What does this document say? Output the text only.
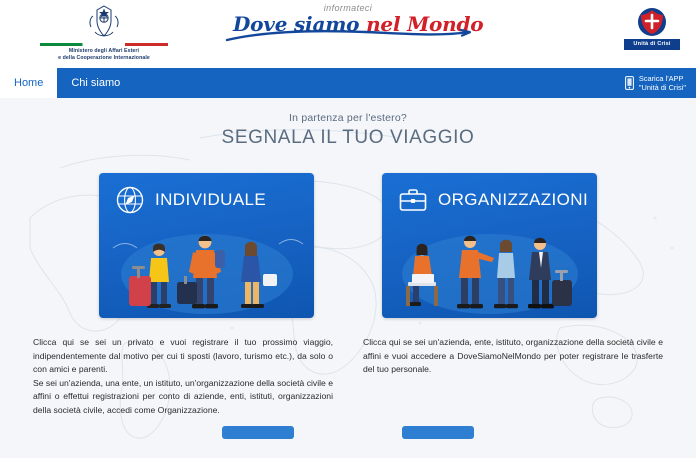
Ministero degli Affari Esteri
e della Cooperazione Internazionale
informateci
Dove siamo nel Mondo
Unità di Crisi
Home	Chi siamo	Scarica l'APP
"Unità di Crisi"
In partenza per l'estero?
SEGNALA IL TUO VIAGGIO
INDIVIDUALE	ORGANIZZAZIONI

Clicca qui se sei un privato e vuoi registrare il tuo prossimo viaggio, indipendentemente dal motivo per cui ti sposti (lavoro, turismo etc.), da solo o con amici e parenti.

Se sei un'azienda, una ente, un istituto, un'organizzazione della società civile e affini o effettui registrazioni per conto di aziende, enti, istituti, organizzazioni della società civile, accedi come Organizzazione.

Clicca qui se sei un'azienda, ente, istituto, organizzazione della società civile e affini e vuoi accedere a DoveSiamoNelMondo per poter registrare le trasferte del tuo personale.
